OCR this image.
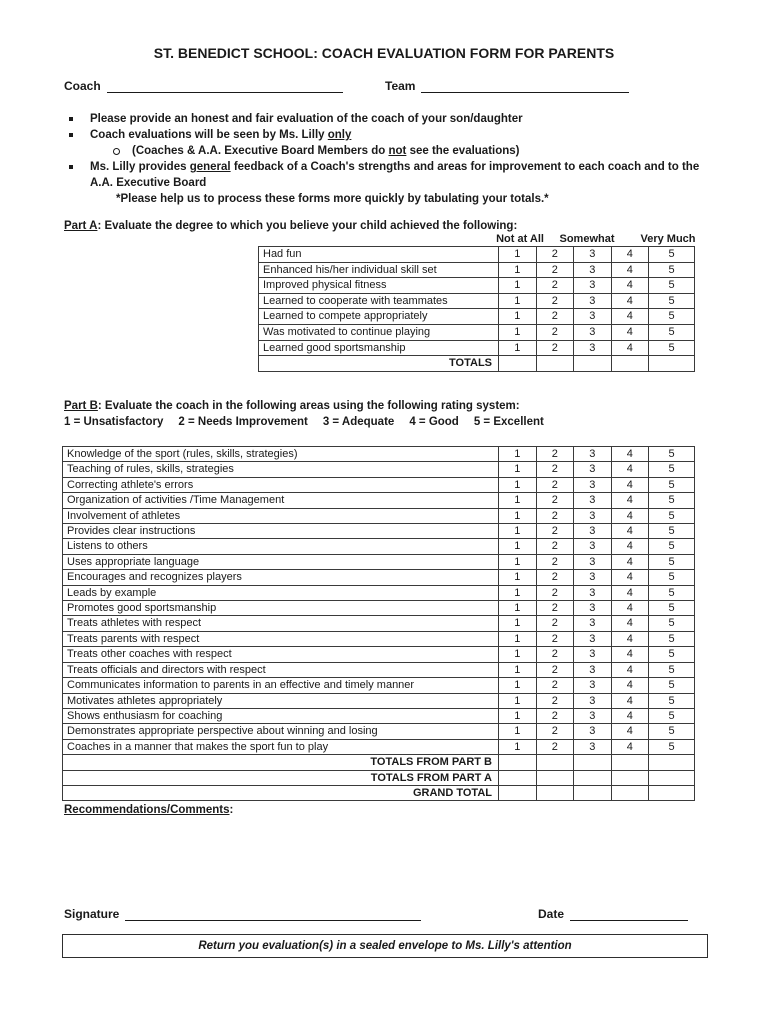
ST. BENEDICT SCHOOL: COACH EVALUATION FORM FOR PARENTS
Coach	Team
Please provide an honest and fair evaluation of the coach of your son/daughter
Coach evaluations will be seen by Ms. Lilly only
(Coaches & A.A. Executive Board Members do not see the evaluations)
Ms. Lilly provides general feedback of a Coach's strengths and areas for improvement to each coach and to the A.A. Executive Board
*Please help us to process these forms more quickly by tabulating your totals.*
Part A: Evaluate the degree to which you believe your child achieved the following:
Not at All	Somewhat	Very Much
Had fun	1	2	3	4	5
Enhanced his/her individual skill set	1	2	3	4	5
Improved physical fitness	1	2	3	4	5
Learned to cooperate with teammates	1	2	3	4	5
Learned to compete appropriately	1	2	3	4	5
Was motivated to continue playing	1	2	3	4	5
Learned good sportsmanship	1	2	3	4	5
TOTALS					
Part B: Evaluate the coach in the following areas using the following rating system:
1 = Unsatisfactory 2 = Needs Improvement 3 = Adequate 4 = Good 5 = Excellent
Knowledge of the sport (rules, skills, strategies)	1	2	3	4	5
Teaching of rules, skills, strategies	1	2	3	4	5
Correcting athlete's errors	1	2	3	4	5
Organization of activities /Time Management	1	2	3	4	5
Involvement of athletes	1	2	3	4	5
Provides clear instructions	1	2	3	4	5
Listens to others	1	2	3	4	5
Uses appropriate language	1	2	3	4	5
Encourages and recognizes players	1	2	3	4	5
Leads by example	1	2	3	4	5
Promotes good sportsmanship	1	2	3	4	5
Treats athletes with respect	1	2	3	4	5
Treats parents with respect	1	2	3	4	5
Treats other coaches with respect	1	2	3	4	5
Treats officials and directors with respect	1	2	3	4	5
Communicates information to parents in an effective and timely manner	1	2	3	4	5
Motivates athletes appropriately	1	2	3	4	5
Shows enthusiasm for coaching	1	2	3	4	5
Demonstrates appropriate perspective about winning and losing	1	2	3	4	5
Coaches in a manner that makes the sport fun to play	1	2	3	4	5
TOTALS FROM PART B					
TOTALS FROM PART A					
GRAND TOTAL					
Recommendations/Comments:
Signature	Date
Return you evaluation(s) in a sealed envelope to Ms. Lilly's attention
